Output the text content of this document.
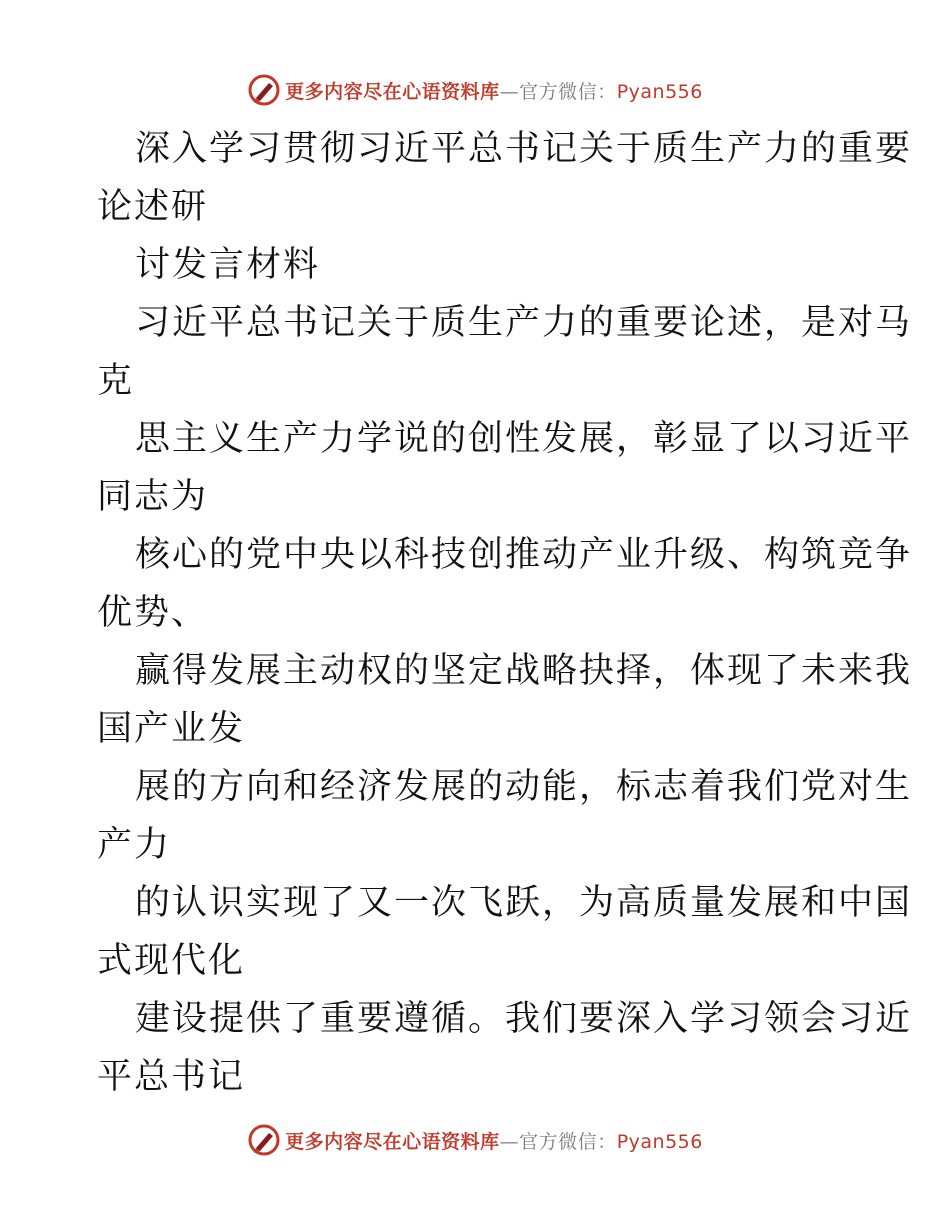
更多内容尽在心语资料库—官方微信：Pyan556
深入学习贯彻习近平总书记关于质生产力的重要
论述研
讨发言材料
习近平总书记关于质生产力的重要论述，是对马
克
思主义生产力学说的创性发展，彰显了以习近平
同志为
核心的党中央以科技创推动产业升级、构筑竞争
优势、
赢得发展主动权的坚定战略抉择，体现了未来我
国产业发
展的方向和经济发展的动能，标志着我们党对生
产力
的认识实现了又一次飞跃，为高质量发展和中国
式现代化
建设提供了重要遵循。我们要深入学习领会习近
平总书记
更多内容尽在心语资料库—官方微信：Pyan556
